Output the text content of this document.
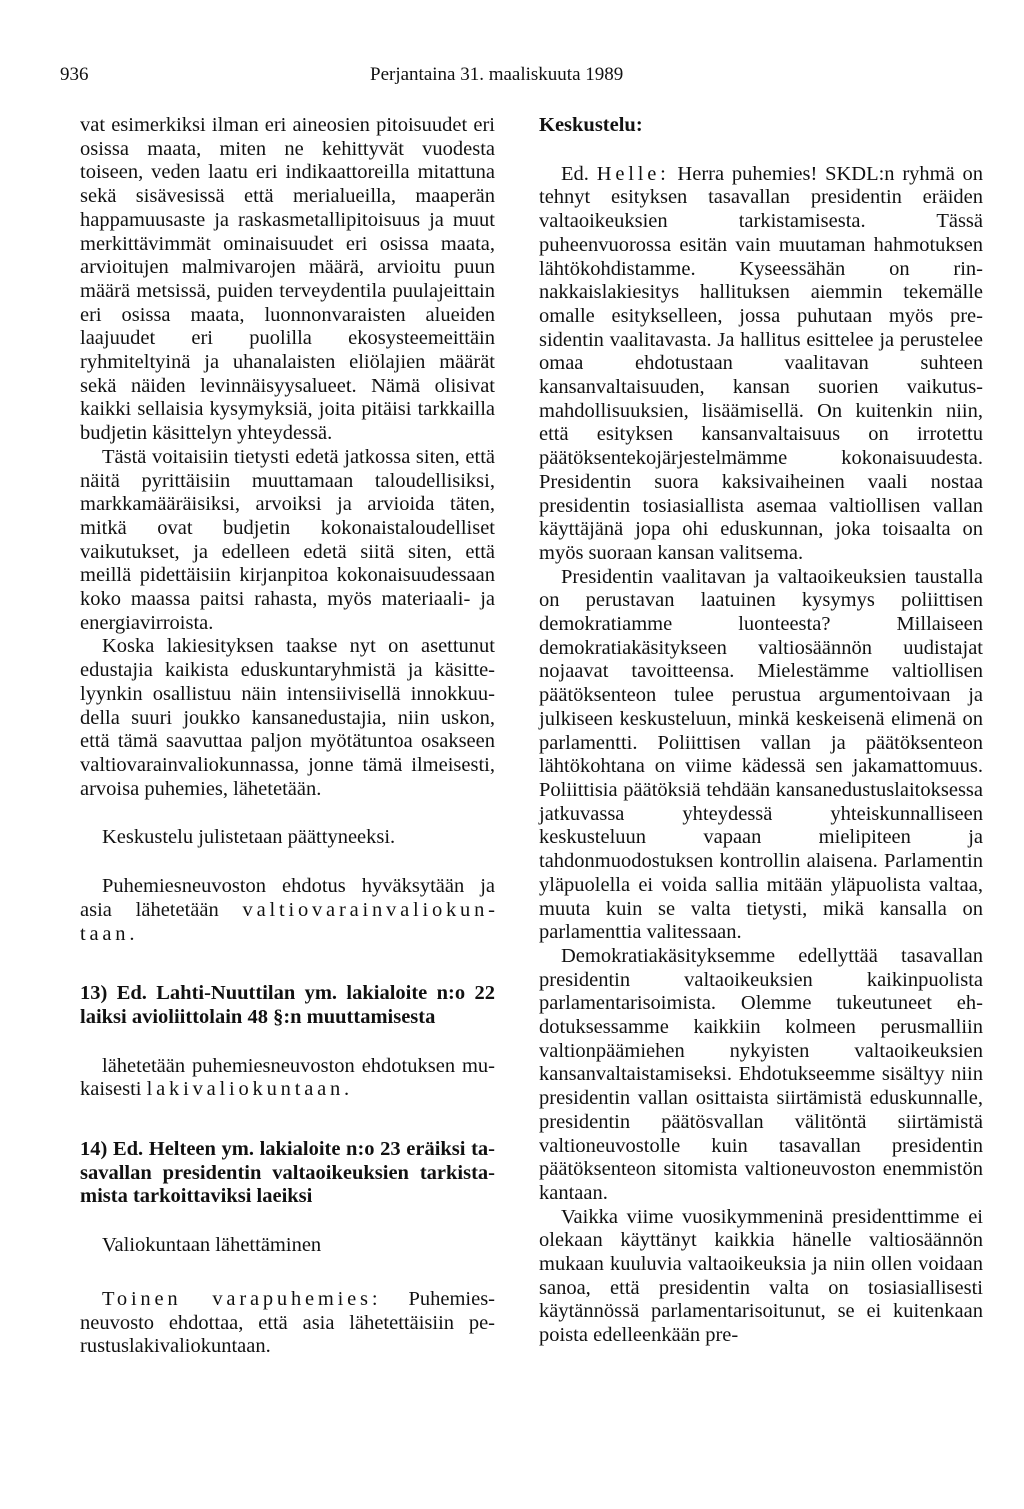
936	Perjantaina 31. maaliskuuta 1989

vat esimerkiksi ilman eri aineosien pitoisuudet eri osissa maata, miten ne kehittyvät vuodesta toiseen, veden laatu eri indikaattoreilla mitattuna sekä sisävesissä että merialueilla, maaperän happamuusaste ja raskasmetallipitoisuus ja muut merkittävimmät ominaisuudet eri osissa maata, arvioitujen malmivarojen määrä, arvioitu puun määrä metsissä, puiden terveydentila puulajeittain eri osissa maata, luonnonvaraisten alueiden laajuudet eri puolilla ekosysteemeittäin ryhmiteltyinä ja uhanalaisten eliölajien määrät sekä näiden levinnäisyysalueet. Nämä olisivat kaikki sellaisia kysymyksiä, joita pitäisi tarkkailla budjetin käsittelyn yhteydessä.

Tästä voitaisiin tietysti edetä jatkossa siten, että näitä pyrittäisiin muuttamaan taloudellisiksi, markkamääräisiksi, arvoiksi ja arvioida täten, mitkä ovat budjetin kokonaistaloudelliset vaikutukset, ja edelleen edetä siitä siten, että meillä pidettäisiin kirjanpitoa kokonaisuudessaan koko maassa paitsi rahasta, myös materiaali- ja energiavirroista.

Koska lakiesityksen taakse nyt on asettunut edustajia kaikista eduskuntaryhmistä ja käsittelyynkin osallistuu näin intensiivisellä innokkuudella suuri joukko kansanedustajia, niin uskon, että tämä saavuttaa paljon myötätuntoa osakseen valtiovarainvaliokunnassa, jonne tämä ilmeisesti, arvoisa puhemies, lähetetään.

Keskustelu julistetaan päättyneeksi.

Puhemiesneuvoston ehdotus hyväksytään ja asia lähetetään valtiovarainvaliokuntaan.

13) Ed. Lahti-Nuuttilan ym. lakialoite n:o 22 laiksi avioliittolain 48 §:n muuttamisesta

lähetetään puhemiesneuvoston ehdotuksen mukaisesti lakivaliokuntaan.

14) Ed. Helteen ym. lakialoite n:o 23 eräiksi tasavallan presidentin valtaoikeuksien tarkistamista tarkoittaviksi laeiksi

Valiokuntaan lähettäminen

Toinen varapuhemies: Puhemiesneuvosto ehdottaa, että asia lähetettäisiin perustuslakivaliokuntaan.

Keskustelu:

Ed. Helle: Herra puhemies! SKDL:n ryhmä on tehnyt esityksen tasavallan presidentin eräiden valtaoikeuksien tarkistamisesta. Tässä puheenvuorossa esitän vain muutaman hahmotuksen lähtökohdistamme. Kyseessähän on rinnakkaislakiesitys hallituksen aiemmin tekemälle omalle esitykselleen, jossa puhutaan myös presidentin vaalitavasta. Ja hallitus esittelee ja perustelee omaa ehdotustaan vaalitavan suhteen kansanvaltaisuuden, kansan suorien vaikutusmahdollisuuksien, lisäämisellä. On kuitenkin niin, että esityksen kansanvaltaisuus on irrotettu päätöksentekojärjestelmämme kokonaisuudesta. Presidentin suora kaksivaiheinen vaali nostaa presidentin tosiasiallista asemaa valtiollisen vallan käyttäjänä jopa ohi eduskunnan, joka toisaalta on myös suoraan kansan valitsema.

Presidentin vaalitavan ja valtaoikeuksien taustalla on perustavan laatuinen kysymys poliittisen demokratiamme luonteesta? Millaiseen demokratiakäsitykseen valtiosäännön uudistajat nojaavat tavoitteensa. Mielestämme valtiollisen päätöksenteon tulee perustua argumentoivaan ja julkiseen keskusteluun, minkä keskeisenä elimenä on parlamentti. Poliittisen vallan ja päätöksenteon lähtökohtana on viime kädessä sen jakamattomuus. Poliittisia päätöksiä tehdään kansanedustuslaitoksessa jatkuvassa yhteydessä yhteiskunnalliseen keskusteluun vapaan mielipiteen ja tahdonmuodostuksen kontrollin alaisena. Parlamentin yläpuolella ei voida sallia mitään yläpuolista valtaa, muuta kuin se valta tietysti, mikä kansalla on parlamenttia valitessaan.

Demokratiakäsityksemme edellyttää tasavallan presidentin valtaoikeuksien kaikinpuolista parlamentarisoimista. Olemme tukeutuneet ehdotuksessamme kaikkiin kolmeen perusmalliin valtionpäämiehen nykyisten valtaoikeuksien kansanvaltaistamiseksi. Ehdotukseemme sisältyy niin presidentin vallan osittaista siirtämistä eduskunnalle, presidentin päätösvallan välitöntä siirtämistä valtioneuvostolle kuin tasavallan presidentin päätöksenteon sitomista valtioneuvoston enemmistön kantaan.

Vaikka viime vuosikymmeninä presidenttimme ei olekaan käyttänyt kaikkia hänelle valtiosäännön mukaan kuuluvia valtaoikeuksia ja niin ollen voidaan sanoa, että presidentin valta on tosiasiallisesti käytännössä parlamentarisoitunut, se ei kuitenkaan poista edelleenkään pre-
